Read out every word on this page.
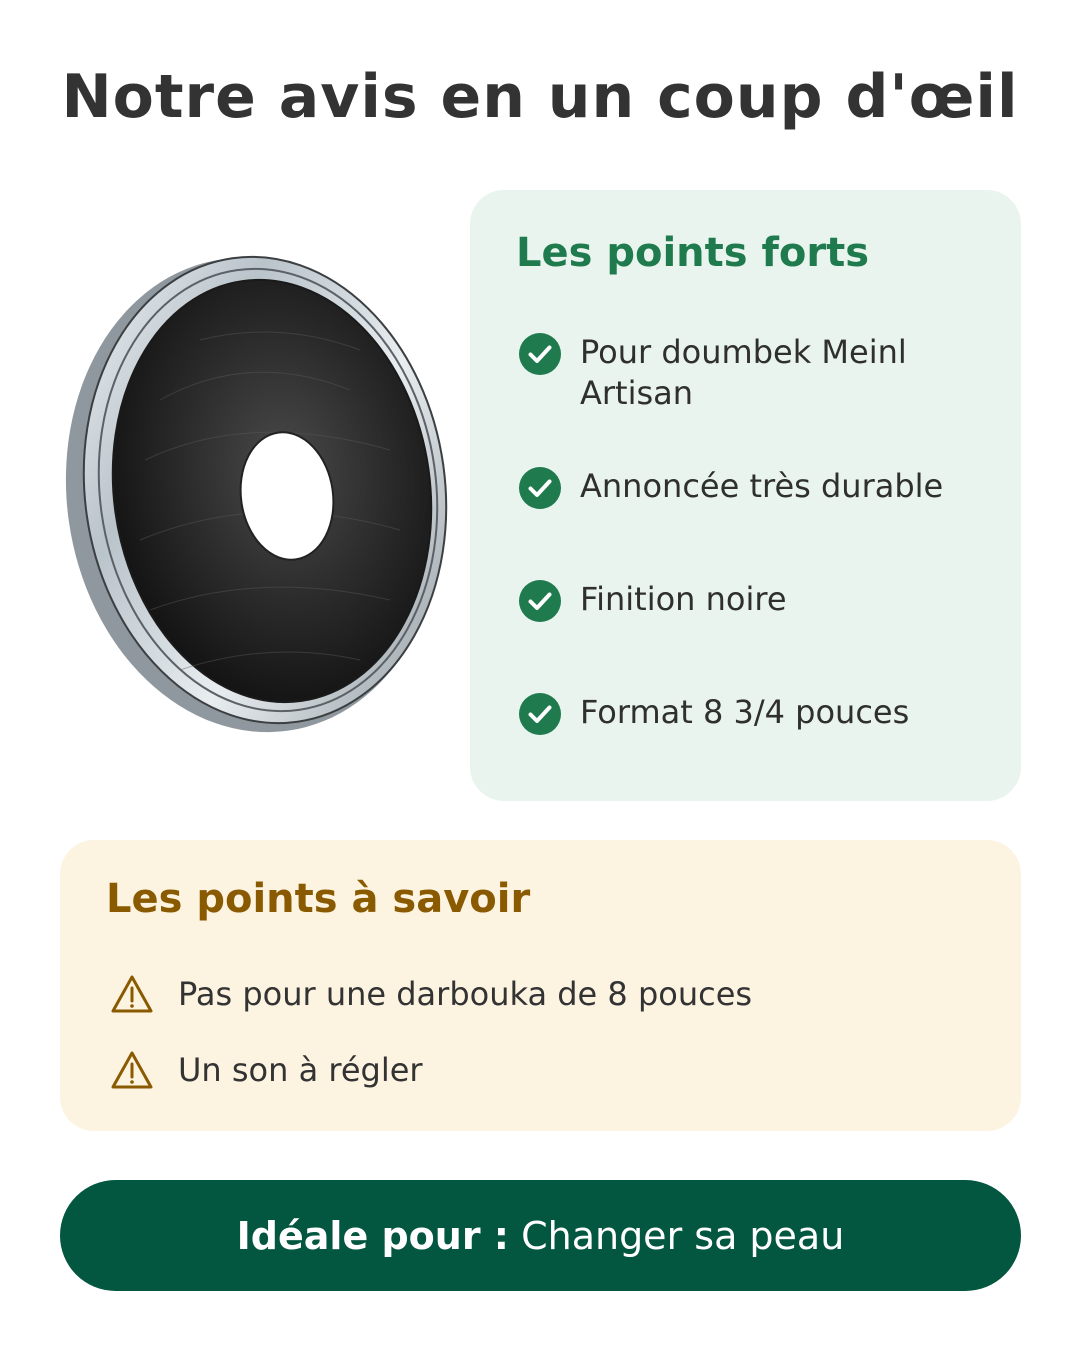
Notre avis en un coup d'œil
Les points forts
Pour doumbek Meinl Artisan
Annoncée très durable
Finition noire
Format 8 3/4 pouces
Les points à savoir
Pas pour une darbouka de 8 pouces
Un son à régler
Idéale pour :
Changer sa peau
